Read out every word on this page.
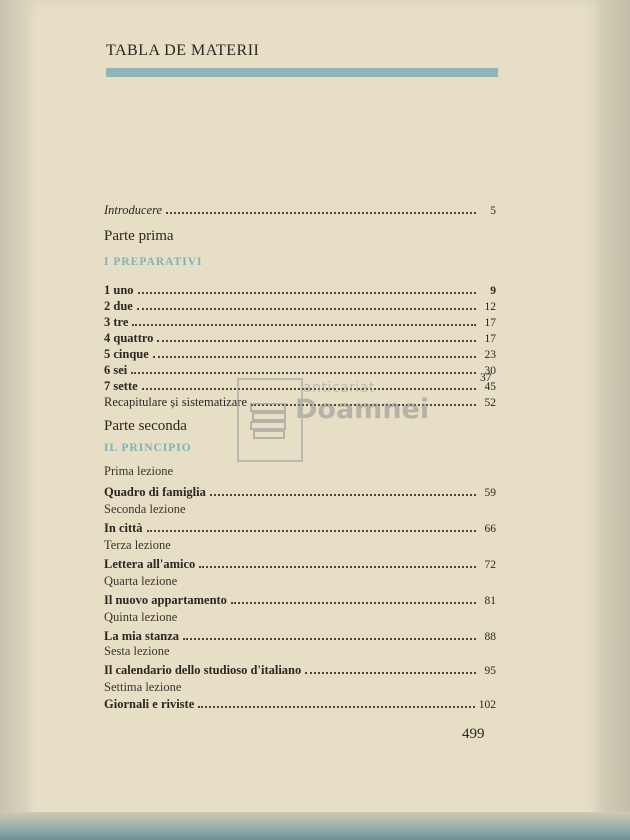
TABLA DE MATERII
Introducere	5
Parte prima
I PREPARATIVI
1 uno	9
2 due	12
3 tre	17
4 quattro	17
5 cinque	23
6 sei	30
7 sette	45
Recapitulare și sistematizare	52
37
Parte seconda
IL PRINCIPIO
Prima lezione
Quadro di famiglia	59
Seconda lezione
In città	66
Terza lezione
Lettera all'amico	72
Quarta lezione
Il nuovo appartamento	81
Quinta lezione
La mia stanza	88
Sesta lezione
Il calendario dello studioso d'italiano	95
Settima lezione
Giornali e riviste	102
499
anticariat
Doamnei
